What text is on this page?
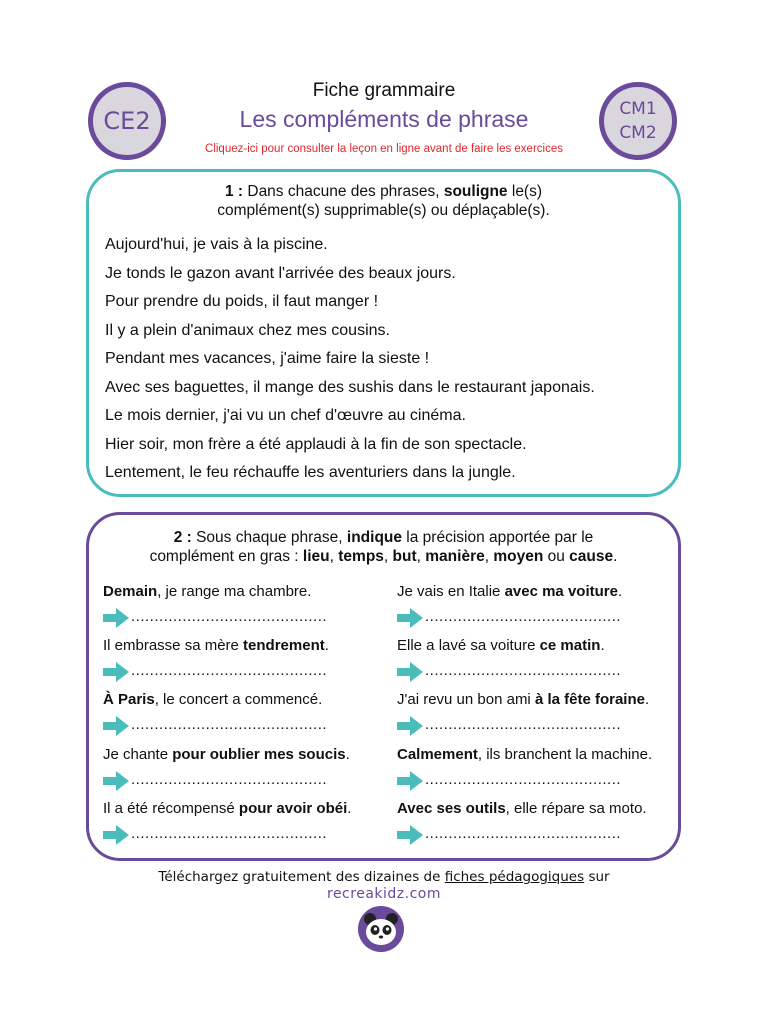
CE2	CM1
CM2
Fiche grammaire
Les compléments de phrase
Cliquez-ici pour consulter la leçon en ligne avant de faire les exercices
1 : Dans chacune des phrases, souligne le(s)
complément(s) supprimable(s) ou déplaçable(s).
Aujourd'hui, je vais à la piscine.
Je tonds le gazon avant l'arrivée des beaux jours.
Pour prendre du poids, il faut manger !
Il y a plein d'animaux chez mes cousins.
Pendant mes vacances, j'aime faire la sieste !
Avec ses baguettes, il mange des sushis dans le restaurant japonais.
Le mois dernier, j'ai vu un chef d'œuvre au cinéma.
Hier soir, mon frère a été applaudi à la fin de son spectacle.
Lentement, le feu réchauffe les aventuriers dans la jungle.
2 : Sous chaque phrase, indique la précision apportée par le
complément en gras : lieu, temps, but, manière, moyen ou cause.
Demain, je range ma chambre.
..........................................
Il embrasse sa mère tendrement.
..........................................
À Paris, le concert a commencé.
..........................................
Je chante pour oublier mes soucis.
..........................................
Il a été récompensé pour avoir obéi.
..........................................
Je vais en Italie avec ma voiture.
..........................................
Elle a lavé sa voiture ce matin.
..........................................
J'ai revu un bon ami à la fête foraine.
..........................................
Calmement, ils branchent la machine.
..........................................
Avec ses outils, elle répare sa moto.
..........................................
Téléchargez gratuitement des dizaines de fiches pédagogiques sur
recreakidz.com
